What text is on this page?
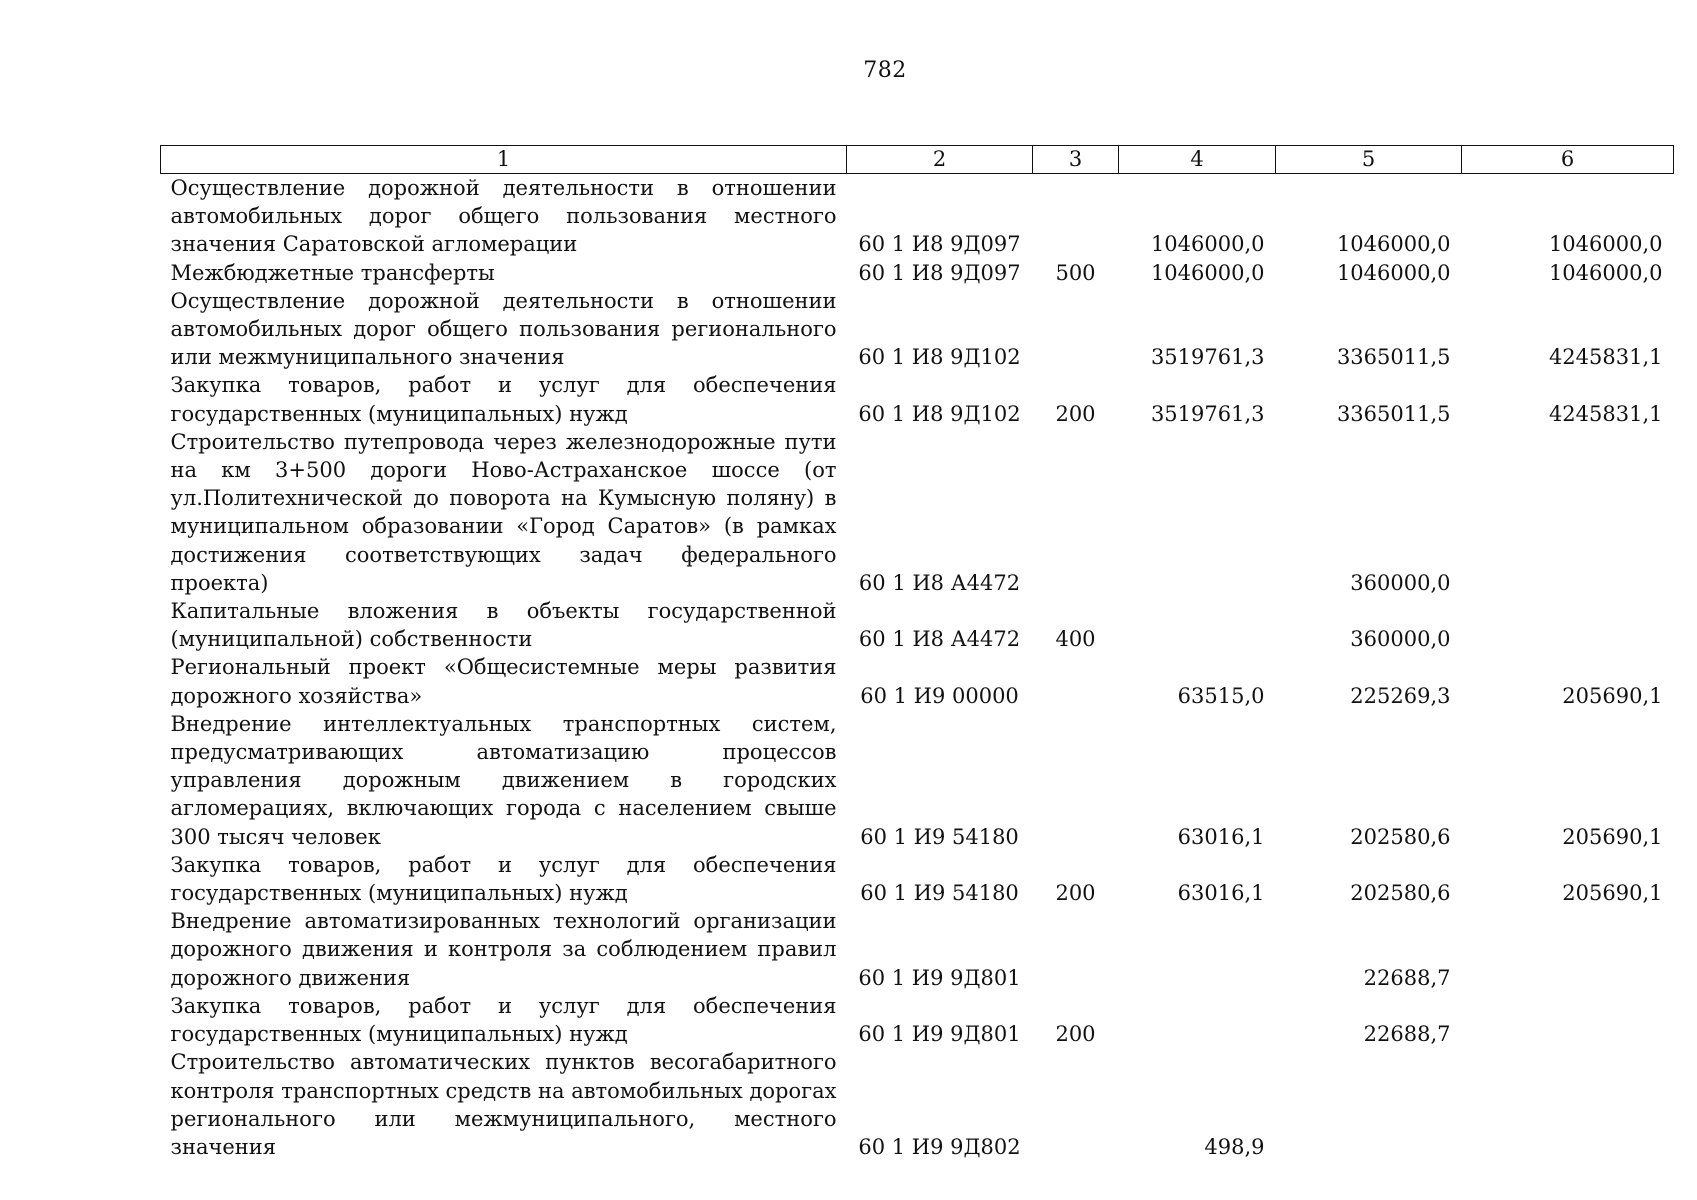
782
1	2	3	4	5	6
Осуществление дорожной деятельности в отношении автомобильных дорог общего пользования местного значения Саратовской агломерации	60 1 И8 9Д097		1046000,0	1046000,0	1046000,0
Межбюджетные трансферты	60 1 И8 9Д097	500	1046000,0	1046000,0	1046000,0
Осуществление дорожной деятельности в отношении автомобильных дорог общего пользования регионального или межмуниципального значения	60 1 И8 9Д102		3519761,3	3365011,5	4245831,1
Закупка товаров, работ и услуг для обеспечения государственных (муниципальных) нужд	60 1 И8 9Д102	200	3519761,3	3365011,5	4245831,1
Строительство путепровода через железнодорожные пути на км 3+500 дороги Ново-Астраханское шоссе (от ул.Политехнической до поворота на Кумысную поляну) в муниципальном образовании «Город Саратов» (в рамках достижения соответствующих задач федерального проекта)	60 1 И8 А4472			360000,0	
Капитальные вложения в объекты государственной (муниципальной) собственности	60 1 И8 А4472	400		360000,0	
Региональный проект «Общесистемные меры развития дорожного хозяйства»	60 1 И9 00000		63515,0	225269,3	205690,1
Внедрение интеллектуальных транспортных систем, предусматривающих автоматизацию процессов управления дорожным движением в городских агломерациях, включающих города с населением свыше 300 тысяч человек	60 1 И9 54180		63016,1	202580,6	205690,1
Закупка товаров, работ и услуг для обеспечения государственных (муниципальных) нужд	60 1 И9 54180	200	63016,1	202580,6	205690,1
Внедрение автоматизированных технологий организации дорожного движения и контроля за соблюдением правил дорожного движения	60 1 И9 9Д801			22688,7	
Закупка товаров, работ и услуг для обеспечения государственных (муниципальных) нужд	60 1 И9 9Д801	200		22688,7	
Строительство автоматических пунктов весогабаритного контроля транспортных средств на автомобильных дорогах регионального или межмуниципального, местного значения	60 1 И9 9Д802		498,9		
